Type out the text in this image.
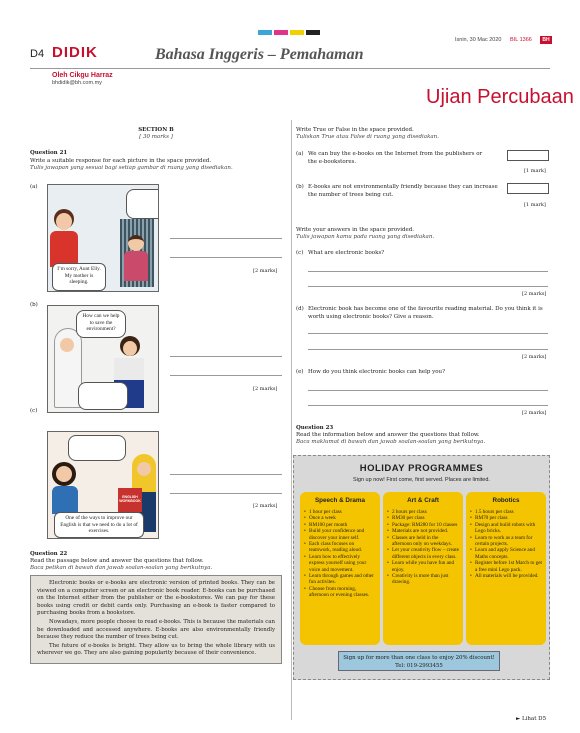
D4 DIDIK	Bahasa Inggeris – Pemahaman
Isnin, 30 Mac 2020 BIL 1366	BH
Oleh Cikgu Harraz
bhdidik@bh.com.my
Ujian Percubaan
SECTION B
[ 30 marks ]
Question 21
Write a suitable response for each picture in the space provided.
Tulis jawapan yang sesuai bagi setiap gambar di ruang yang disediakan.
(a)
I’m sorry, Aunt Elly. My mother is sleeping.
[2 marks]
(b)
How can we help to save the environment?
[2 marks]
(c)
ENGLISH WORKBOOK
One of the ways to improve our English is that we need to do a lot of exercises.
[2 marks]
Question 22
Read the passage below and answer the questions that follow.
Baca petikan di bawah dan jawab soalan-soalan yang berikutnya.

Electronic books or e-books are electronic version of printed books. They can be viewed on a computer screen or an electronic book reader. E-books can be purchased on the Internet either from the publisher or the e-bookstores. We can pay for these books using credit or debit cards only. Purchasing an e-book is faster compared to purchasing books from a bookstore.

Nowadays, more people choose to read e-books. This is because the materials can be downloaded and accessed anywhere. E-books are also environmentally friendly because they reduce the number of trees being cut.

The future of e-books is bright. They allow us to bring the whole library with us wherever we go. They are also gaining popularity because of their convenience.

Write True or False in the space provided.
Tuliskan True atau False di ruang yang disediakan.
(a) We can buy the e-books on the Internet from the publishers or the e-bookstores.
[1 mark]
(b) E-books are not environmentally friendly because they can increase the number of trees being cut.
[1 mark]
Write your answers in the space provided.
Tulis jawapan kamu pada ruang yang disediakan.
(c) What are electronic books?
[2 marks]
(d) Electronic book has become one of the favourite reading material. Do you think it is worth using electronic books? Give a reason.
[2 marks]
(e) How do you think electronic books can help you?
[2 marks]
Question 23
Read the information below and answer the questions that follow.
Baca maklumat di bawah dan jawab soalan-soalan yang berikutnya.
HOLIDAY PROGRAMMES
Sign up now! First come, first served. Places are limited.
Speech & Drama
• 1 hour per class
• Once a week
• RM100 per month
• Build your confidence and discover your inner self.
• Each class focuses on teamwork, reading aloud.
• Learn how to effectively express yourself using your voice and movement.
• Learn through games and other fun activites.
• Choose from morning, afternoon or evening classes.
Art & Craft
• 2 hours per class
• RM30 per class
• Package: RM280 for 10 classes
• Materials are not provided.
• Classes are held in the afternoon only on weekdays.
• Let your creativity flow – create different objects in every class.
• Learn while you have fun and enjoy.
• Creativity is more than just drawing.
Robotics
• 1.5 hours per class
• RM70 per class
• Design and build robots with Lego bricks.
• Learn to work as a team for certain projects.
• Learn and apply Science and Maths concepts.
• Register before 1st March to get a free mini Lego pack.
• All materials will be provided.
Sign up for more than one class to enjoy 20% discount!
Tel: 019-2993455
► Lihat D5
